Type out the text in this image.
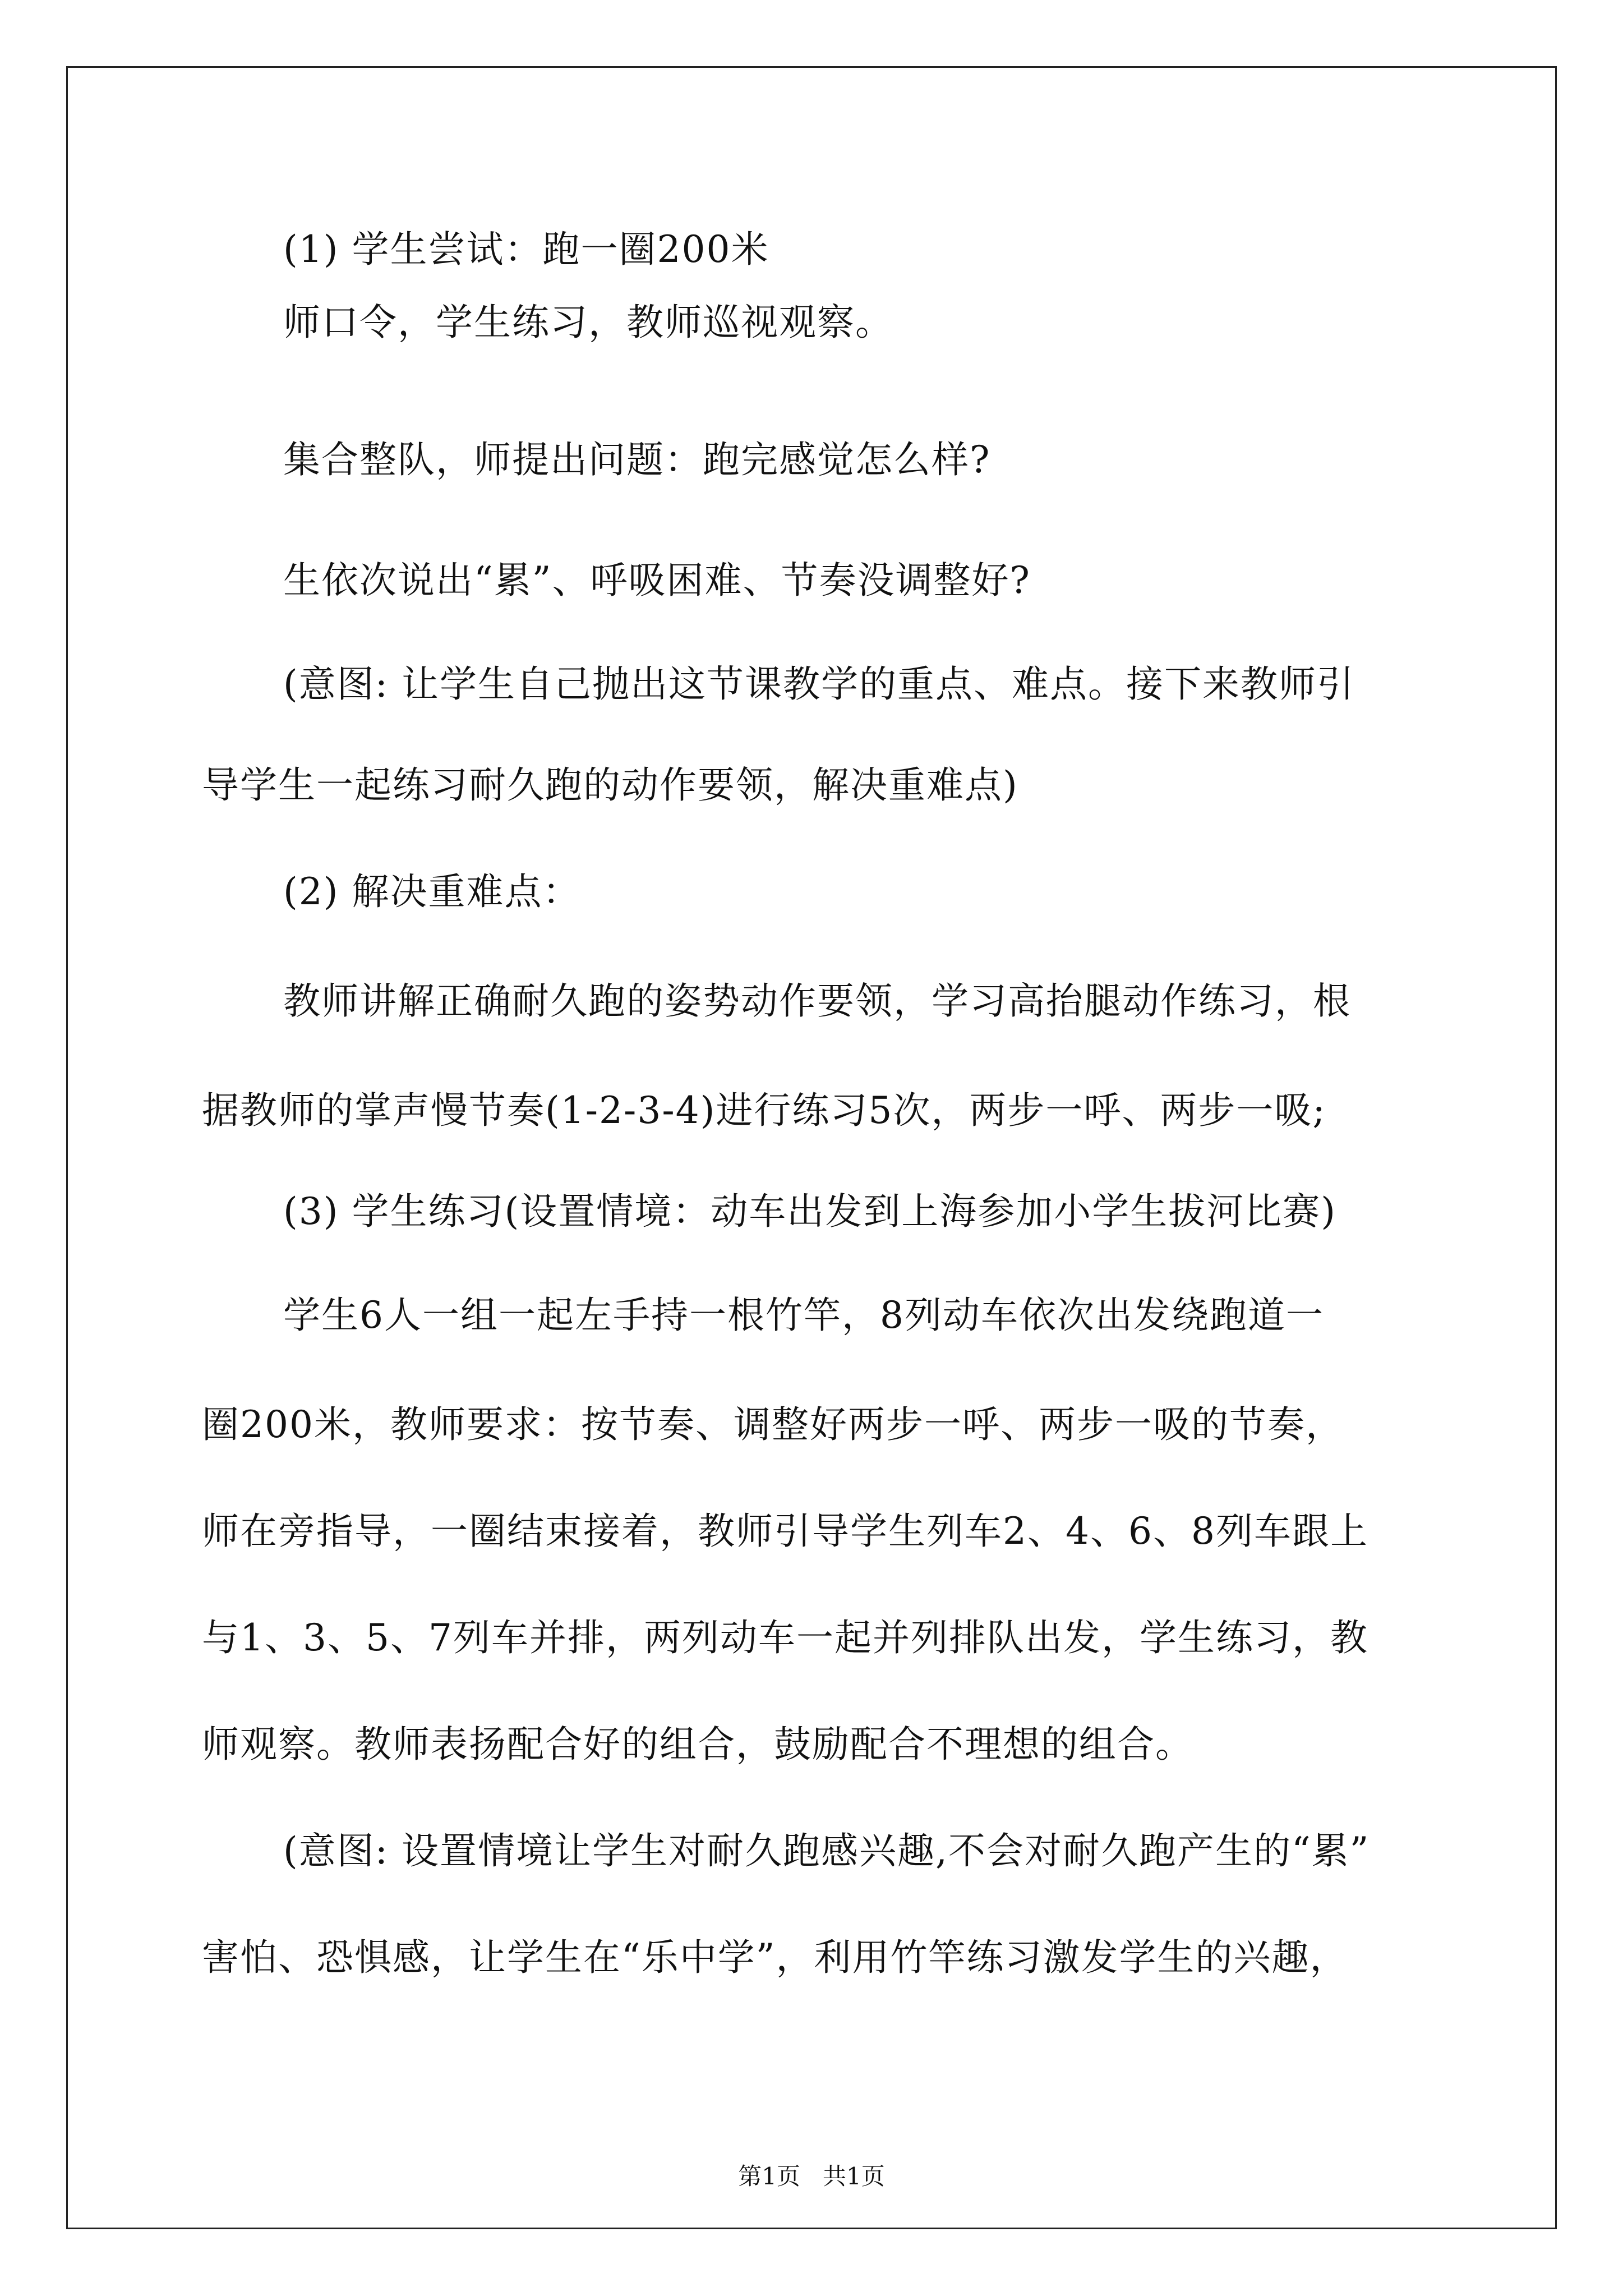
(1) 学生尝试：跑一圈200米
师口令，学生练习，教师巡视观察。
集合整队，师提出问题：跑完感觉怎么样?
生依次说出“累”、呼吸困难、节奏没调整好?
(意图: 让学生自己抛出这节课教学的重点、难点。接下来教师引
导学生一起练习耐久跑的动作要领，解决重难点)
(2) 解决重难点：
教师讲解正确耐久跑的姿势动作要领，学习高抬腿动作练习，根
据教师的掌声慢节奏(1-2-3-4)进行练习5次，两步一呼、两步一吸;
(3) 学生练习(设置情境：动车出发到上海参加小学生拔河比赛)
学生6人一组一起左手持一根竹竿，8列动车依次出发绕跑道一
圈200米，教师要求：按节奏、调整好两步一呼、两步一吸的节奏，
师在旁指导，一圈结束接着，教师引导学生列车2、4、6、8列车跟上
与1、3、5、7列车并排，两列动车一起并列排队出发，学生练习，教
师观察。教师表扬配合好的组合，鼓励配合不理想的组合。
(意图: 设置情境让学生对耐久跑感兴趣,不会对耐久跑产生的“累”
害怕、恐惧感，让学生在“乐中学”，利用竹竿练习激发学生的兴趣，
第1页   共1页
